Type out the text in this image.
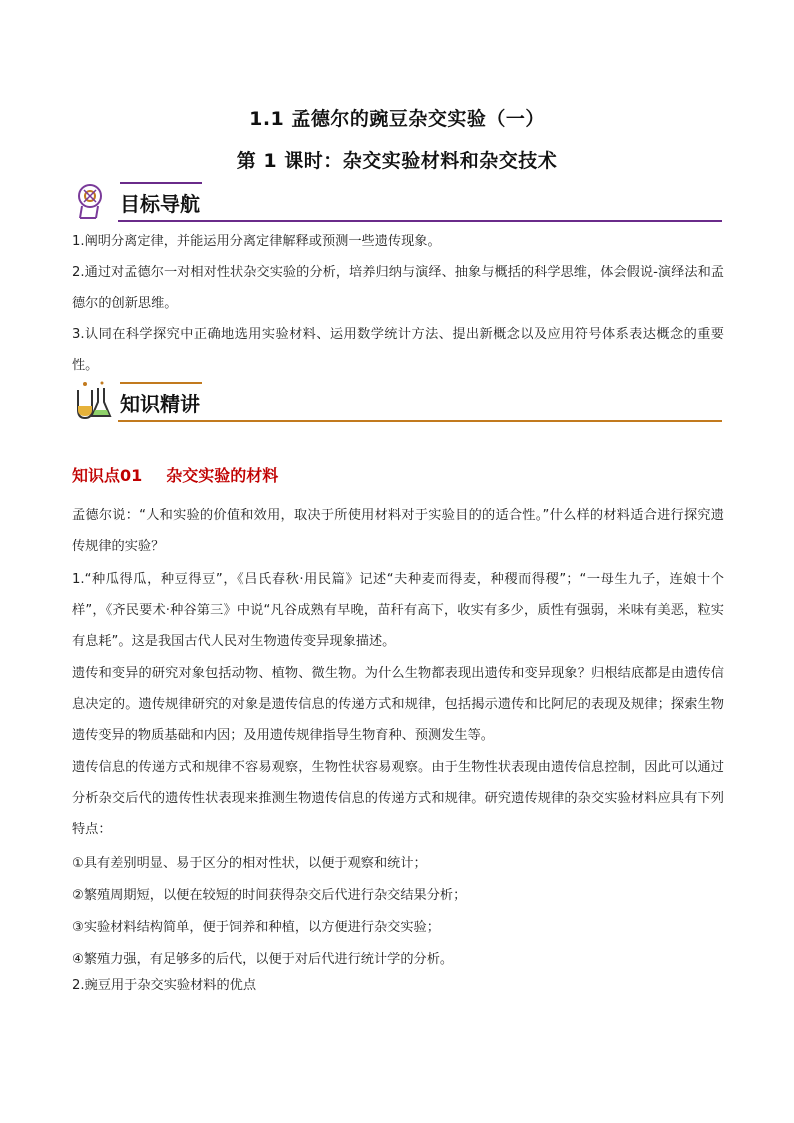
1.1 孟德尔的豌豆杂交实验（一）
第 1 课时：杂交实验材料和杂交技术
目标导航
1.阐明分离定律，并能运用分离定律解释或预测一些遗传现象。
2.通过对孟德尔一对相对性状杂交实验的分析，培养归纳与演绎、抽象与概括的科学思维，体会假说-演绎法和孟德尔的创新思维。
3.认同在科学探究中正确地选用实验材料、运用数学统计方法、提出新概念以及应用符号体系表达概念的重要性。
知识精讲
知识点01 杂交实验的材料
孟德尔说：“人和实验的价值和效用，取决于所使用材料对于实验目的的适合性。”什么样的材料适合进行探究遗传规律的实验？
1.“种瓜得瓜，种豆得豆”，《吕氏春秋·用民篇》记述“夫种麦而得麦，种稷而得稷”；“一母生九子，连娘十个样”，《齐民要术·种谷第三》中说“凡谷成熟有早晚，苗秆有高下，收实有多少，质性有强弱，米味有美恶，粒实有息耗”。这是我国古代人民对生物遗传变异现象描述。
遗传和变异的研究对象包括动物、植物、微生物。为什么生物都表现出遗传和变异现象？归根结底都是由遗传信息决定的。遗传规律研究的对象是遗传信息的传递方式和规律，包括揭示遗传和比阿尼的表现及规律；探索生物遗传变异的物质基础和内因；及用遗传规律指导生物育种、预测发生等。
遗传信息的传递方式和规律不容易观察，生物性状容易观察。由于生物性状表现由遗传信息控制，因此可以通过分析杂交后代的遗传性状表现来推测生物遗传信息的传递方式和规律。研究遗传规律的杂交实验材料应具有下列特点：
①具有差别明显、易于区分的相对性状，以便于观察和统计；
②繁殖周期短，以便在较短的时间获得杂交后代进行杂交结果分析；
③实验材料结构简单，便于饲养和种植，以方便进行杂交实验；
④繁殖力强，有足够多的后代，以便于对后代进行统计学的分析。
2.豌豆用于杂交实验材料的优点
